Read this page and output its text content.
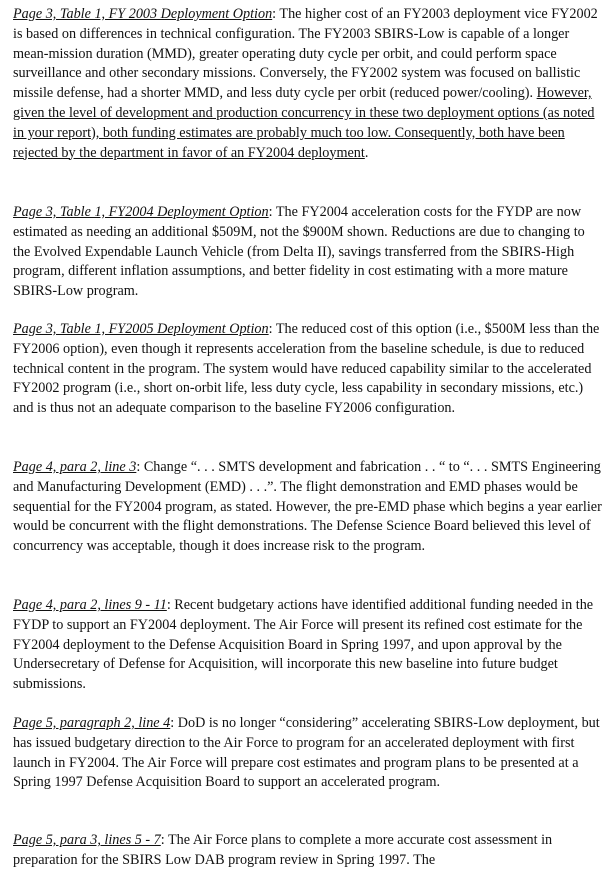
Page 3, Table 1, FY 2003 Deployment Option: The higher cost of an FY2003 deployment vice FY2002 is based on differences in technical configuration. The FY2003 SBIRS-Low is capable of a longer mean-mission duration (MMD), greater operating duty cycle per orbit, and could perform space surveillance and other secondary missions. Conversely, the FY2002 system was focused on ballistic missile defense, had a shorter MMD, and less duty cycle per orbit (reduced power/cooling). However, given the level of development and production concurrency in these two deployment options (as noted in your report), both funding estimates are probably much too low. Consequently, both have been rejected by the department in favor of an FY2004 deployment.

Page 3, Table 1, FY2004 Deployment Option: The FY2004 acceleration costs for the FYDP are now estimated as needing an additional $509M, not the $900M shown. Reductions are due to changing to the Evolved Expendable Launch Vehicle (from Delta II), savings transferred from the SBIRS-High program, different inflation assumptions, and better fidelity in cost estimating with a more mature SBIRS-Low program.

Page 3, Table 1, FY2005 Deployment Option: The reduced cost of this option (i.e., $500M less than the FY2006 option), even though it represents acceleration from the baseline schedule, is due to reduced technical content in the program. The system would have reduced capability similar to the accelerated FY2002 program (i.e., short on-orbit life, less duty cycle, less capability in secondary missions, etc.) and is thus not an adequate comparison to the baseline FY2006 configuration.

Page 4, para 2, line 3: Change “. . . SMTS development and fabrication . . “ to “. . . SMTS Engineering and Manufacturing Development (EMD) . . .”. The flight demonstration and EMD phases would be sequential for the FY2004 program, as stated. However, the pre-EMD phase which begins a year earlier would be concurrent with the flight demonstrations. The Defense Science Board believed this level of concurrency was acceptable, though it does increase risk to the program.

Page 4, para 2, lines 9 - 11: Recent budgetary actions have identified additional funding needed in the FYDP to support an FY2004 deployment. The Air Force will present its refined cost estimate for the FY2004 deployment to the Defense Acquisition Board in Spring 1997, and upon approval by the Undersecretary of Defense for Acquisition, will incorporate this new baseline into future budget submissions.

Page 5, paragraph 2, line 4: DoD is no longer “considering” accelerating SBIRS-Low deployment, but has issued budgetary direction to the Air Force to program for an accelerated deployment with first launch in FY2004. The Air Force will prepare cost estimates and program plans to be presented at a Spring 1997 Defense Acquisition Board to support an accelerated program.

Page 5, para 3, lines 5 - 7: The Air Force plans to complete a more accurate cost assessment in preparation for the SBIRS Low DAB program review in Spring 1997. The
